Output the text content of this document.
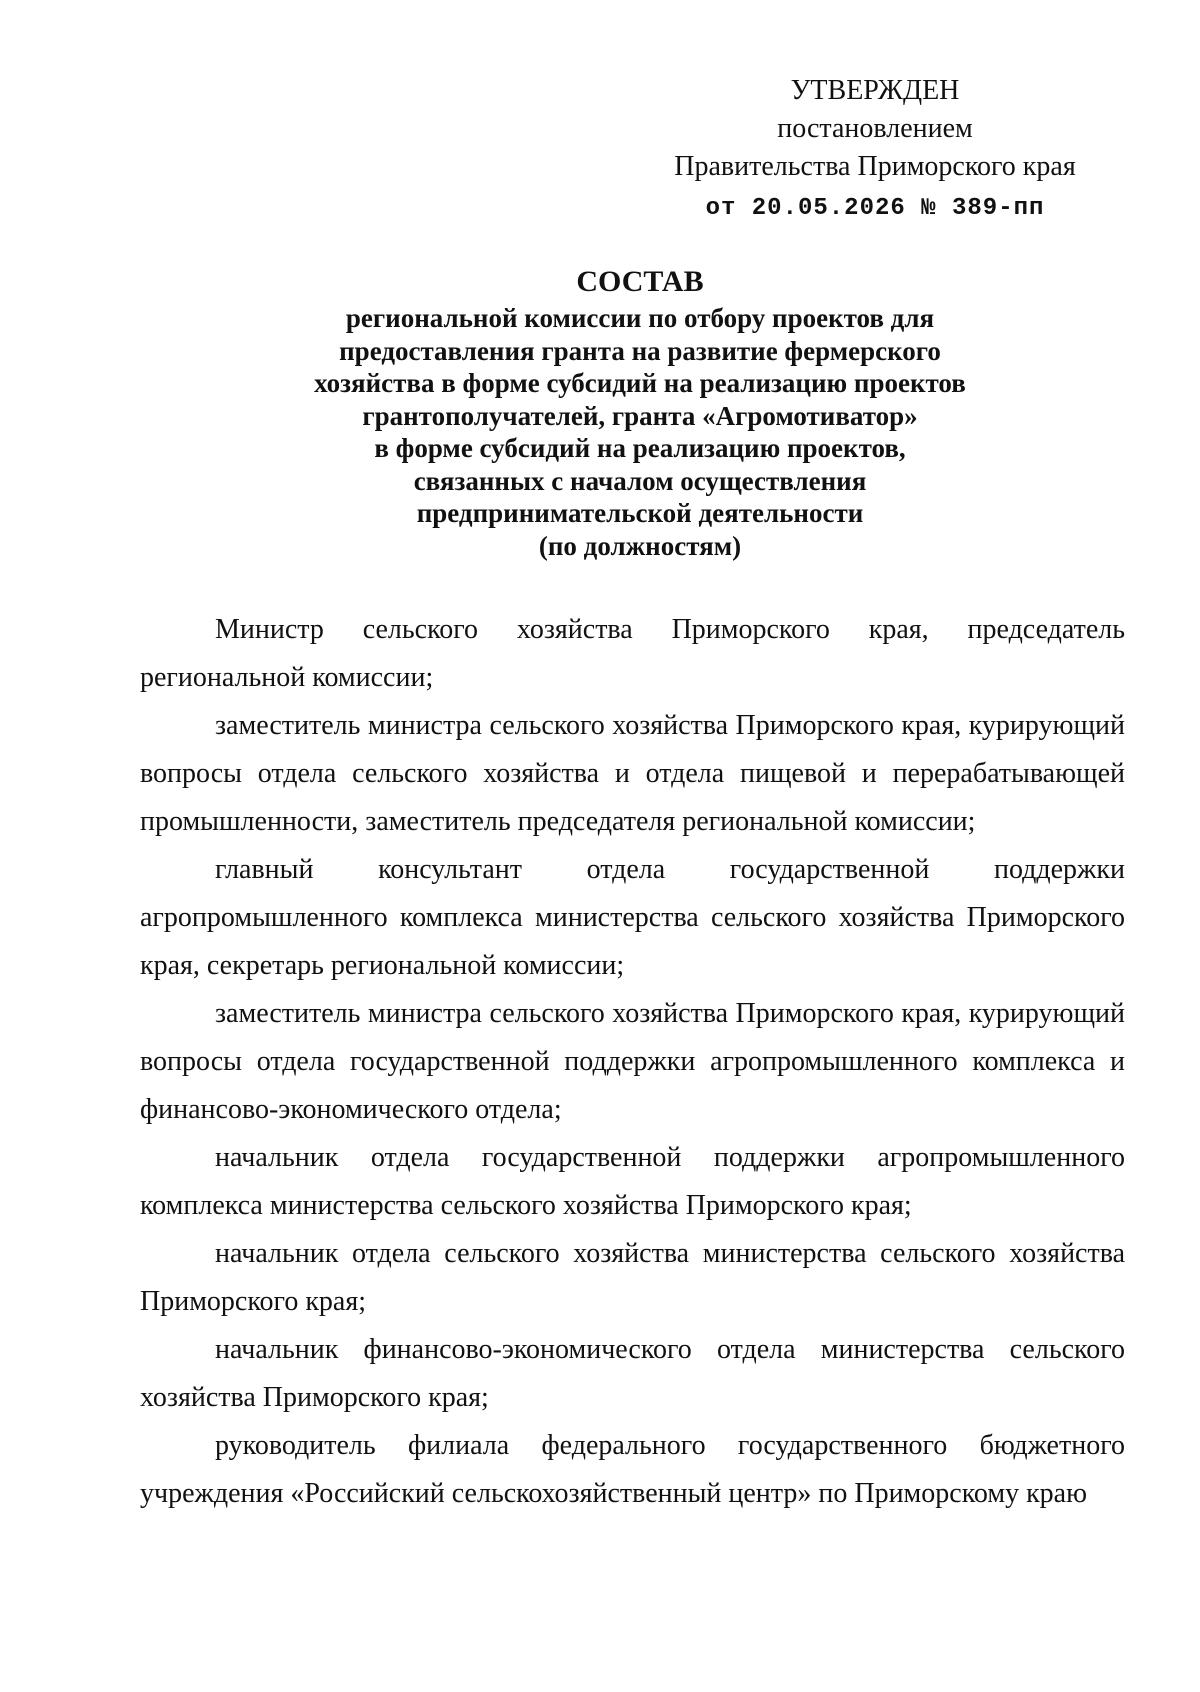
УТВЕРЖДЕН
постановлением
Правительства Приморского края
от 20.05.2026 № 389-пп
СОСТАВ
региональной комиссии по отбору проектов для
предоставления гранта на развитие фермерского
хозяйства в форме субсидий на реализацию проектов
грантополучателей, гранта «Агромотиватор»
в форме субсидий на реализацию проектов,
связанных с началом осуществления
предпринимательской деятельности
(по должностям)

Министр сельского хозяйства Приморского края, председатель региональной комиссии;

заместитель министра сельского хозяйства Приморского края, курирующий вопросы отдела сельского хозяйства и отдела пищевой и перерабатывающей промышленности, заместитель председателя региональной комиссии;

главный консультант отдела государственной поддержки агропромышленного комплекса министерства сельского хозяйства Приморского края, секретарь региональной комиссии;

заместитель министра сельского хозяйства Приморского края, курирующий вопросы отдела государственной поддержки агропромышленного комплекса и финансово-экономического отдела;

начальник отдела государственной поддержки агропромышленного комплекса министерства сельского хозяйства Приморского края;

начальник отдела сельского хозяйства министерства сельского хозяйства Приморского края;

начальник финансово-экономического отдела министерства сельского хозяйства Приморского края;

руководитель филиала федерального государственного бюджетного учреждения «Российский сельскохозяйственный центр» по Приморскому краю
